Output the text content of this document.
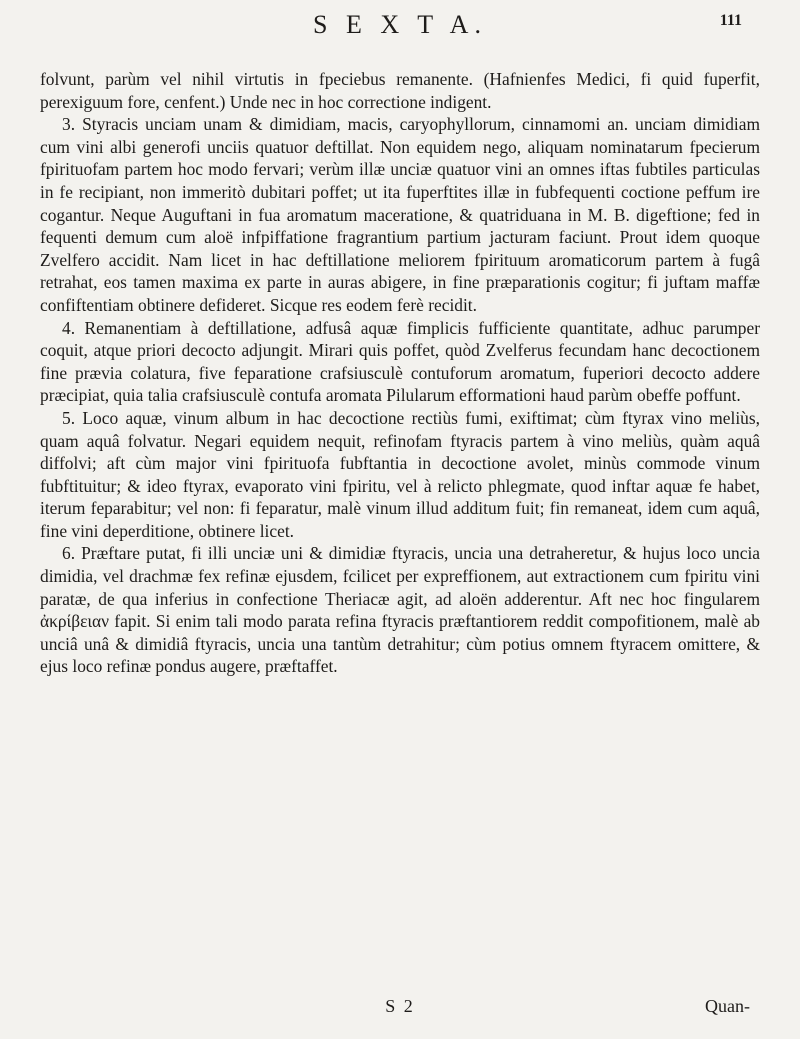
S E X T A.	111

folvunt, parùm vel nihil virtutis in fpeciebus remanente. (Hafnienfes Medici, fi quid fuperfit, perexiguum fore, cenfent.) Unde nec in hoc correctione indigent.

3. Styracis unciam unam & dimidiam, macis, caryophyllorum, cinnamomi an. unciam dimidiam cum vini albi generofi unciis quatuor deftillat. Non equidem nego, aliquam nominatarum fpecierum fpirituofam partem hoc modo fervari; verùm illæ unciæ quatuor vini an omnes iftas fubtiles particulas in fe recipiant, non immeritò dubitari poffet; ut ita fuperftites illæ in fubfequenti coctione peffum ire cogantur. Neque Auguftani in fua aromatum maceratione, & quatriduana in M. B. digeftione; fed in fequenti demum cum aloë infpiffatione fragrantium partium jacturam faciunt. Prout idem quoque Zvelfero accidit. Nam licet in hac deftillatione meliorem fpirituum aromaticorum partem à fugâ retrahat, eos tamen maxima ex parte in auras abigere, in fine præparationis cogitur; fi juftam maffæ confiftentiam obtinere defideret. Sicque res eodem ferè recidit.

4. Remanentiam à deftillatione, adfusâ aquæ fimplicis fufficiente quantitate, adhuc parumper coquit, atque priori decocto adjungit. Mirari quis poffet, quòd Zvelferus fecundam hanc decoctionem fine prævia colatura, five feparatione crafsiusculè contuforum aromatum, fuperiori decocto addere præcipiat, quia talia crafsiusculè contufa aromata Pilularum efformationi haud parùm obeffe poffunt.

5. Loco aquæ, vinum album in hac decoctione rectiùs fumi, exiftimat; cùm ftyrax vino meliùs, quam aquâ folvatur. Negari equidem nequit, refinofam ftyracis partem à vino meliùs, quàm aquâ diffolvi; aft cùm major vini fpirituofa fubftantia in decoctione avolet, minùs commode vinum fubftituitur; & ideo ftyrax, evaporato vini fpiritu, vel à relicto phlegmate, quod inftar aquæ fe habet, iterum feparabitur; vel non: fi feparatur, malè vinum illud additum fuit; fin remaneat, idem cum aquâ, fine vini deperditione, obtinere licet.

6. Præftare putat, fi illi unciæ uni & dimidiæ ftyracis, uncia una detraheretur, & hujus loco uncia dimidia, vel drachmæ fex refinæ ejusdem, fcilicet per expreffionem, aut extractionem cum fpiritu vini paratæ, de qua inferius in confectione Theriacæ agit, ad aloën adderentur. Aft nec hoc fingularem ἀκρίβειαν fapit. Si enim tali modo parata refina ftyracis præftantiorem reddit compofitionem, malè ab unciâ unâ & dimidiâ ftyracis, uncia una tantùm detrahitur; cùm potius omnem ftyracem omittere, & ejus loco refinæ pondus augere, præftaffet.

S 2	Quan-
